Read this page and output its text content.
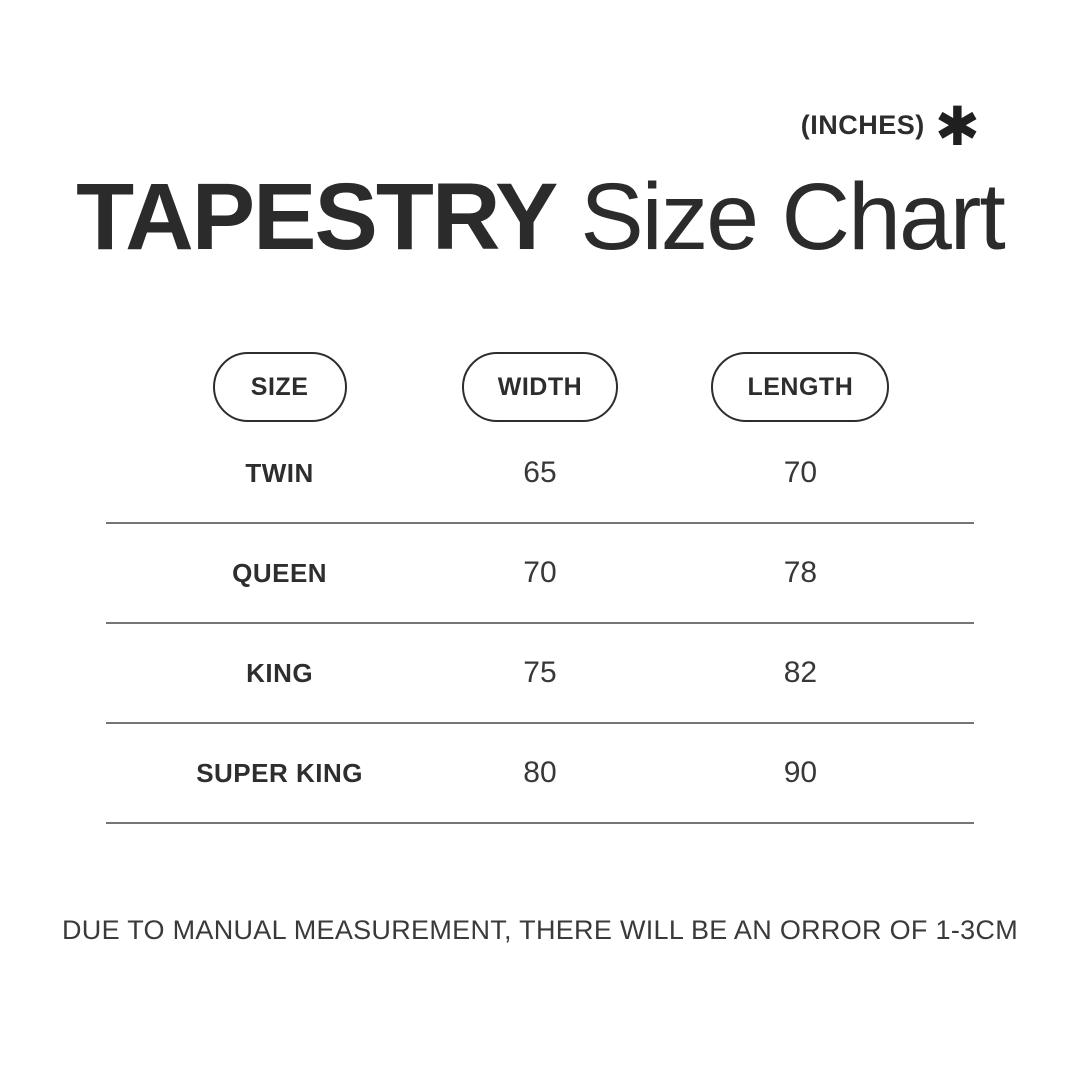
(INCHES) ✱
TAPESTRY Size Chart
SIZE	WIDTH	LENGTH
TWIN	65	70
QUEEN	70	78
KING	75	82
SUPER KING	80	90
DUE TO MANUAL MEASUREMENT, THERE WILL BE AN ORROR OF 1-3CM
